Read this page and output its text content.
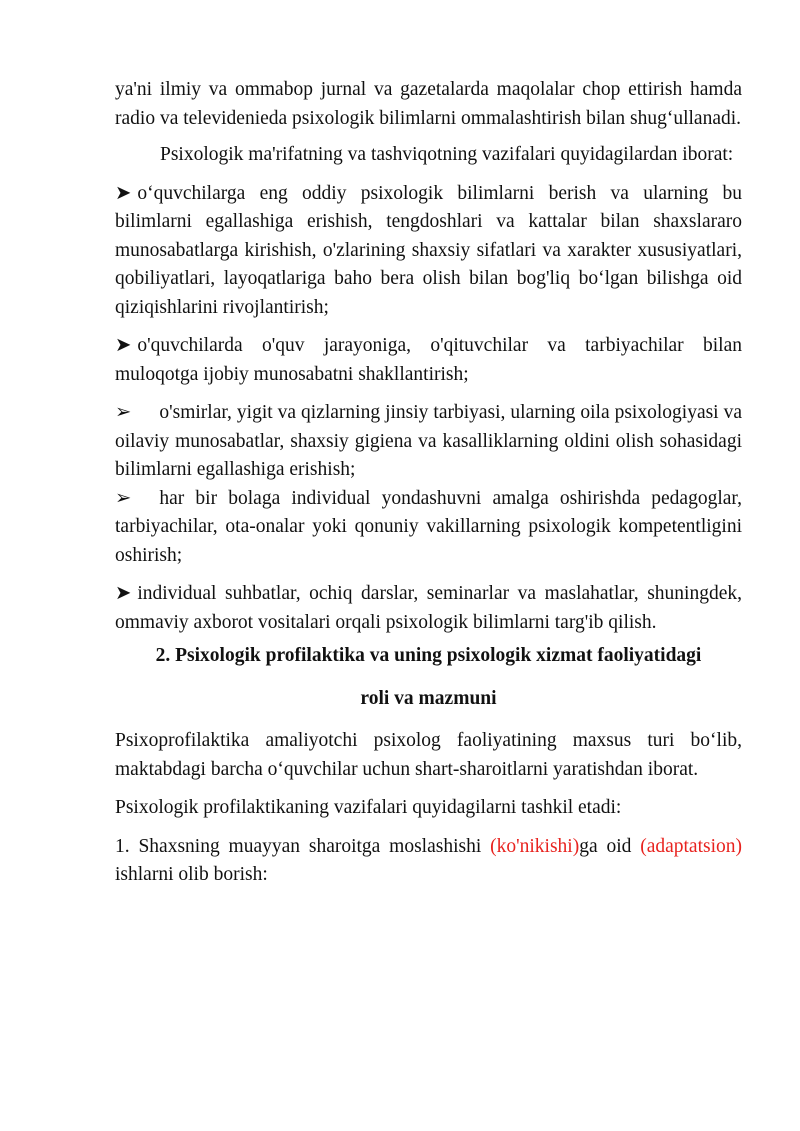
ya'ni ilmiy va ommabop jurnal va gazetalarda maqolalar chop ettirish hamda radio va televidenieda psixologik bilimlarni ommalashtirish bilan shug‘ullanadi.

Psixologik ma'rifatning va tashviqotning vazifalari quyidagilardan iborat:

➤ o‘quvchilarga eng oddiy psixologik bilimlarni berish va ularning bu bilimlarni egallashiga erishish, tengdoshlari va kattalar bilan shaxslararo munosabatlarga kirishish, o'zlarining shaxsiy sifatlari va xarakter xususiyatlari, qobiliyatlari, layoqatlariga baho bera olish bilan bog'liq bo‘lgan bilishga oid qiziqishlarini rivojlantirish;

➤ o'quvchilarda o'quv jarayoniga, o'qituvchilar va tarbiyachilar bilan muloqotga ijobiy munosabatni shakllantirish;

➢ o'smirlar, yigit va qizlarning jinsiy tarbiyasi, ularning oila psixologiyasi va oilaviy munosabatlar, shaxsiy gigiena va kasalliklarning oldini olish sohasidagi bilimlarni egallashiga erishish;

➢ har bir bolaga individual yondashuvni amalga oshirishda pedagoglar, tarbiyachilar, ota-onalar yoki qonuniy vakillarning psixologik kompetentligini oshirish;

➤ individual suhbatlar, ochiq darslar, seminarlar va maslahatlar, shuningdek, ommaviy axborot vositalari orqali psixologik bilimlarni targ'ib qilish.

2. Psixologik profilaktika va uning psixologik xizmat faoliyatidagi

roli va mazmuni

Psixoprofilaktika amaliyotchi psixolog faoliyatining maxsus turi bo‘lib, maktabdagi barcha o‘quvchilar uchun shart-sharoitlarni yaratishdan iborat.

Psixologik profilaktikaning vazifalari quyidagilarni tashkil etadi:

1. Shaxsning muayyan sharoitga moslashishi (ko'nikishi)ga oid (adaptatsion) ishlarni olib borish:
